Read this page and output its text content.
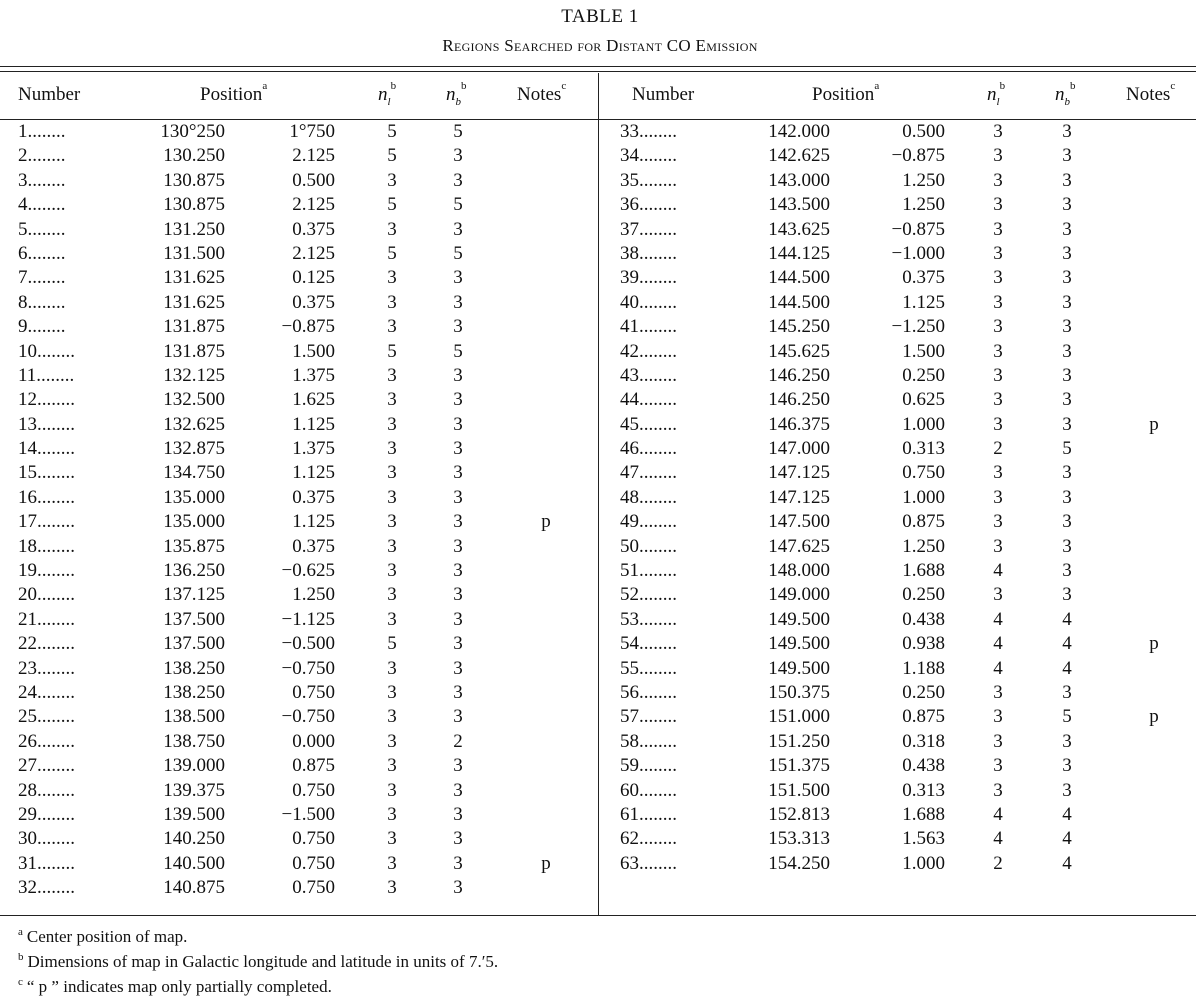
TABLE 1
Regions Searched for Distant CO Emission
Number	Position$^a$	$n_l^b$	$n_b^b$	Notes$^c$
1........	130°250	1°750	5	5
2........	130.250	2.125	5	3
3........	130.875	0.500	3	3
4........	130.875	2.125	5	5
5........	131.250	0.375	3	3
6........	131.500	2.125	5	5
7........	131.625	0.125	3	3
8........	131.625	0.375	3	3
9........	131.875	−0.875	3	3
10........	131.875	1.500	5	5
11........	132.125	1.375	3	3
12........	132.500	1.625	3	3
13........	132.625	1.125	3	3
14........	132.875	1.375	3	3
15........	134.750	1.125	3	3
16........	135.000	0.375	3	3
17........	135.000	1.125	3	3	p
18........	135.875	0.375	3	3
19........	136.250	−0.625	3	3
20........	137.125	1.250	3	3
21........	137.500	−1.125	3	3
22........	137.500	−0.500	5	3
23........	138.250	−0.750	3	3
24........	138.250	0.750	3	3
25........	138.500	−0.750	3	3
26........	138.750	0.000	3	2
27........	139.000	0.875	3	3
28........	139.375	0.750	3	3
29........	139.500	−1.500	3	3
30........	140.250	0.750	3	3
31........	140.500	0.750	3	3	p
32........	140.875	0.750	3	3
Number	Position$^a$	$n_l^b$	$n_b^b$	Notes$^c$
33........	142.000	0.500	3	3
34........	142.625	−0.875	3	3
35........	143.000	1.250	3	3
36........	143.500	1.250	3	3
37........	143.625	−0.875	3	3
38........	144.125	−1.000	3	3
39........	144.500	0.375	3	3
40........	144.500	1.125	3	3
41........	145.250	−1.250	3	3
42........	145.625	1.500	3	3
43........	146.250	0.250	3	3
44........	146.250	0.625	3	3
45........	146.375	1.000	3	3	p
46........	147.000	0.313	2	5
47........	147.125	0.750	3	3
48........	147.125	1.000	3	3
49........	147.500	0.875	3	3
50........	147.625	1.250	3	3
51........	148.000	1.688	4	3
52........	149.000	0.250	3	3
53........	149.500	0.438	4	4
54........	149.500	0.938	4	4	p
55........	149.500	1.188	4	4
56........	150.375	0.250	3	3
57........	151.000	0.875	3	5	p
58........	151.250	0.318	3	3
59........	151.375	0.438	3	3
60........	151.500	0.313	3	3
61........	152.813	1.688	4	4
62........	153.313	1.563	4	4
63........	154.250	1.000	2	4
$^a$ Center position of map.
$^b$ Dimensions of map in Galactic longitude and latitude in units of 7.′5.
$^c$ “ p ” indicates map only partially completed.
